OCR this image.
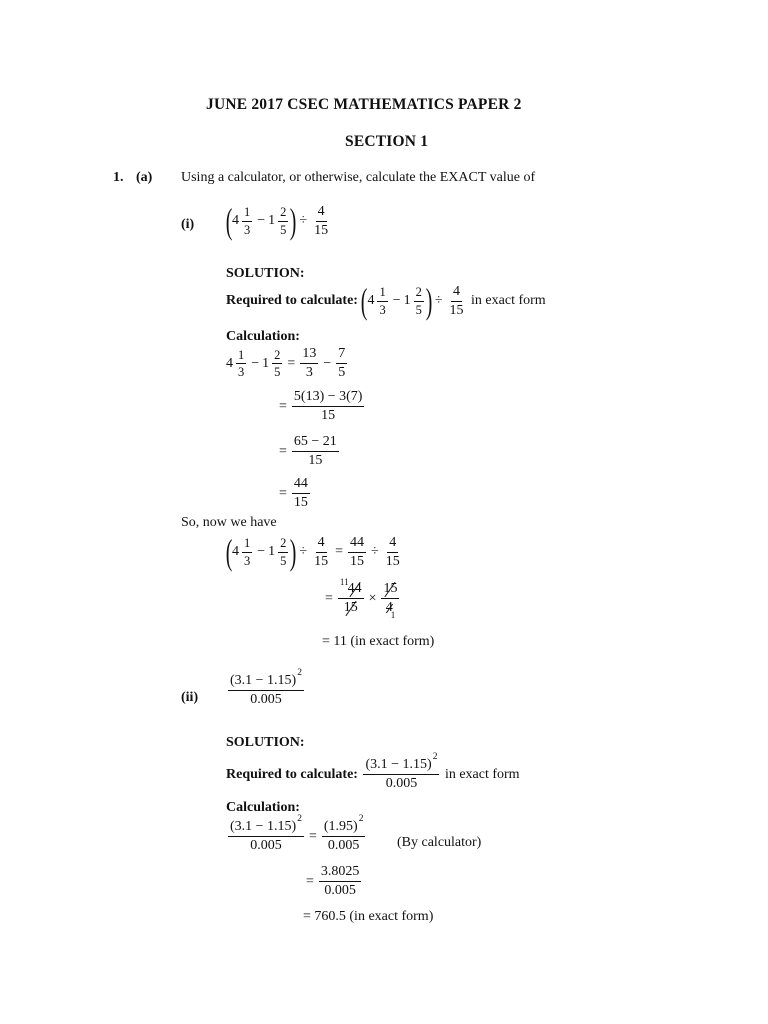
JUNE 2017 CSEC MATHEMATICS PAPER 2
SECTION 1
1. (a) Using a calculator, or otherwise, calculate the EXACT value of
(i) ( $4 \frac{1}{3} - 1 \frac{2}{5}$ ) ÷ $\frac{4}{15}$
SOLUTION:
Required to calculate:
( $4 \frac{1}{3} - 1 \frac{2}{5}$ ) ÷ $\frac{4}{15}$
in exact form
Calculation:
$4 \frac{1}{3} - 1 \frac{2}{5} = \frac{13}{3} - \frac{7}{5}$
= $\frac{5(13) - 3(7)}{15}$
= $\frac{65 - 21}{15}$
= $\frac{44}{15}$
So, now we have
( $4 \frac{1}{3} - 1 \frac{2}{5}$ ) ÷ $\frac{4}{15} = \frac{44}{15} \div \frac{4}{15}$
= $\frac{^{11}44}{15} \times \frac{15}{4_1}$
= 11 (in exact form)
$(ii) \frac{(3.1 - 1.15)^2}{0.005}$
SOLUTION:
Required to calculate:
$\frac{(3.1 - 1.15)^2}{0.005}$
in exact form
Calculation:
$\frac{(3.1 - 1.15)^2}{0.005} = \frac{(1.95)^2}{0.005} (By$ calculator)
= $\frac{3.8025}{0.005}$
= 760.5 (in exact form)
